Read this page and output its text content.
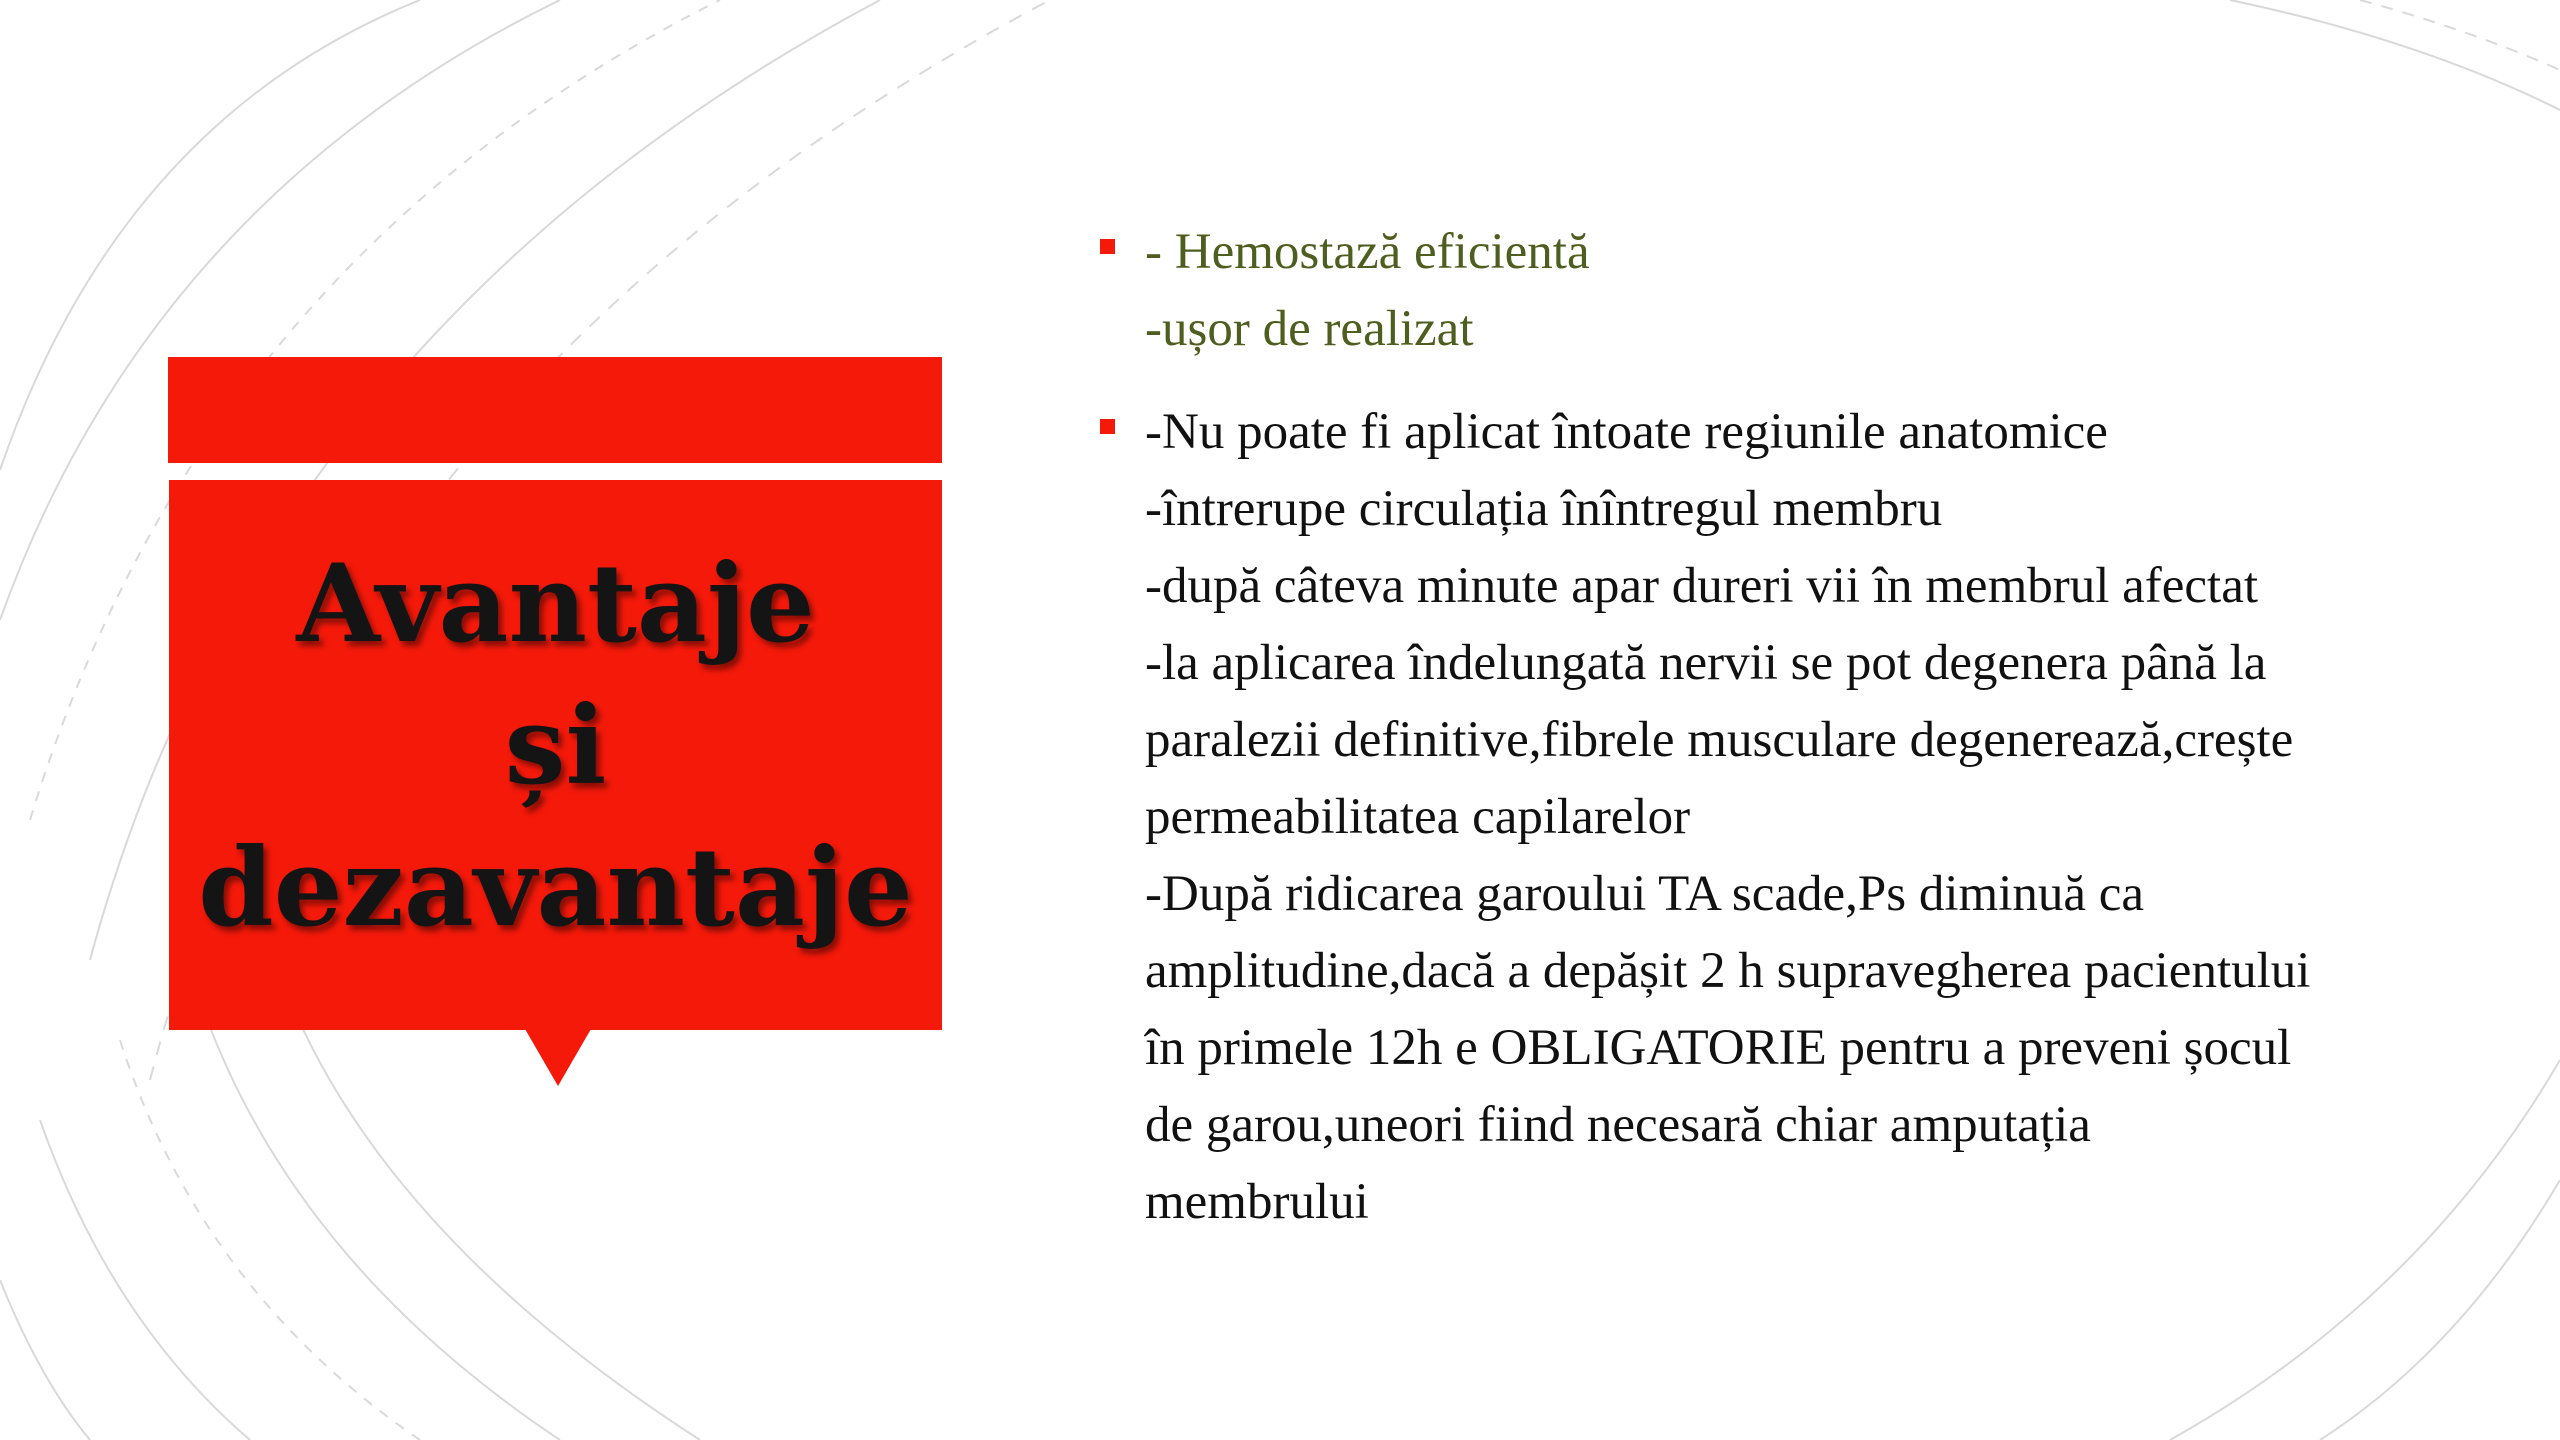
Avantaje
și
dezavantaje
- Hemostază eficientă
-ușor de realizat
-Nu poate fi aplicat întoate regiunile anatomice
-întrerupe circulația înîntregul membru
-după câteva minute apar dureri vii în membrul afectat
-la aplicarea îndelungată nervii se pot degenera până la
paralezii definitive,fibrele musculare degenerează,crește
permeabilitatea capilarelor
-După ridicarea garoului TA scade,Ps diminuă ca
amplitudine,dacă a depășit 2 h supravegherea pacientului
în primele 12h e OBLIGATORIE pentru a preveni șocul
de garou,uneori fiind necesară chiar amputația
membrului
